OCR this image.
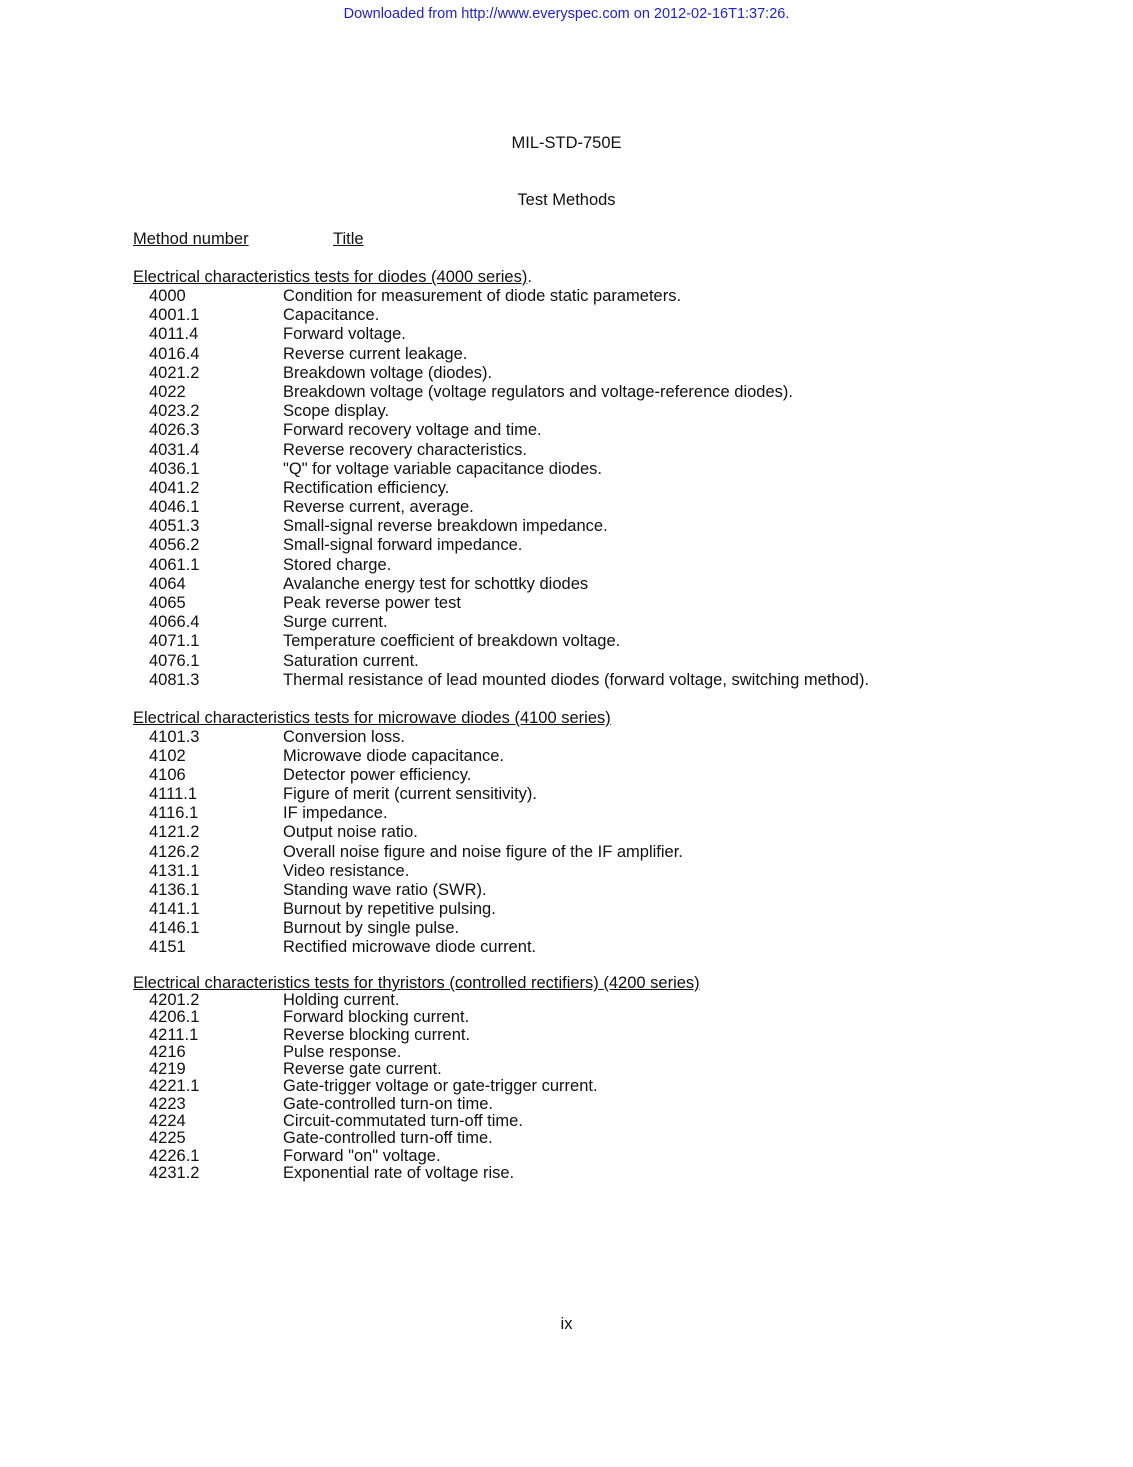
Downloaded from http://www.everyspec.com on 2012-02-16T1:37:26.
MIL-STD-750E
Test Methods
Method number	Title
Electrical characteristics tests for diodes (4000 series).
4000	Condition for measurement of diode static parameters.
4001.1	Capacitance.
4011.4	Forward voltage.
4016.4	Reverse current leakage.
4021.2	Breakdown voltage (diodes).
4022	Breakdown voltage (voltage regulators and voltage-reference diodes).
4023.2	Scope display.
4026.3	Forward recovery voltage and time.
4031.4	Reverse recovery characteristics.
4036.1	"Q" for voltage variable capacitance diodes.
4041.2	Rectification efficiency.
4046.1	Reverse current, average.
4051.3	Small-signal reverse breakdown impedance.
4056.2	Small-signal forward impedance.
4061.1	Stored charge.
4064	Avalanche energy test for schottky diodes
4065	Peak reverse power test
4066.4	Surge current.
4071.1	Temperature coefficient of breakdown voltage.
4076.1	Saturation current.
4081.3	Thermal resistance of lead mounted diodes (forward voltage, switching method).
Electrical characteristics tests for microwave diodes (4100 series)
4101.3	Conversion loss.
4102	Microwave diode capacitance.
4106	Detector power efficiency.
4111.1	Figure of merit (current sensitivity).
4116.1	IF impedance.
4121.2	Output noise ratio.
4126.2	Overall noise figure and noise figure of the IF amplifier.
4131.1	Video resistance.
4136.1	Standing wave ratio (SWR).
4141.1	Burnout by repetitive pulsing.
4146.1	Burnout by single pulse.
4151	Rectified microwave diode current.
Electrical characteristics tests for thyristors (controlled rectifiers) (4200 series)
4201.2	Holding current.
4206.1	Forward blocking current.
4211.1	Reverse blocking current.
4216	Pulse response.
4219	Reverse gate current.
4221.1	Gate-trigger voltage or gate-trigger current.
4223	Gate-controlled turn-on time.
4224	Circuit-commutated turn-off time.
4225	Gate-controlled turn-off time.
4226.1	Forward "on" voltage.
4231.2	Exponential rate of voltage rise.
ix
